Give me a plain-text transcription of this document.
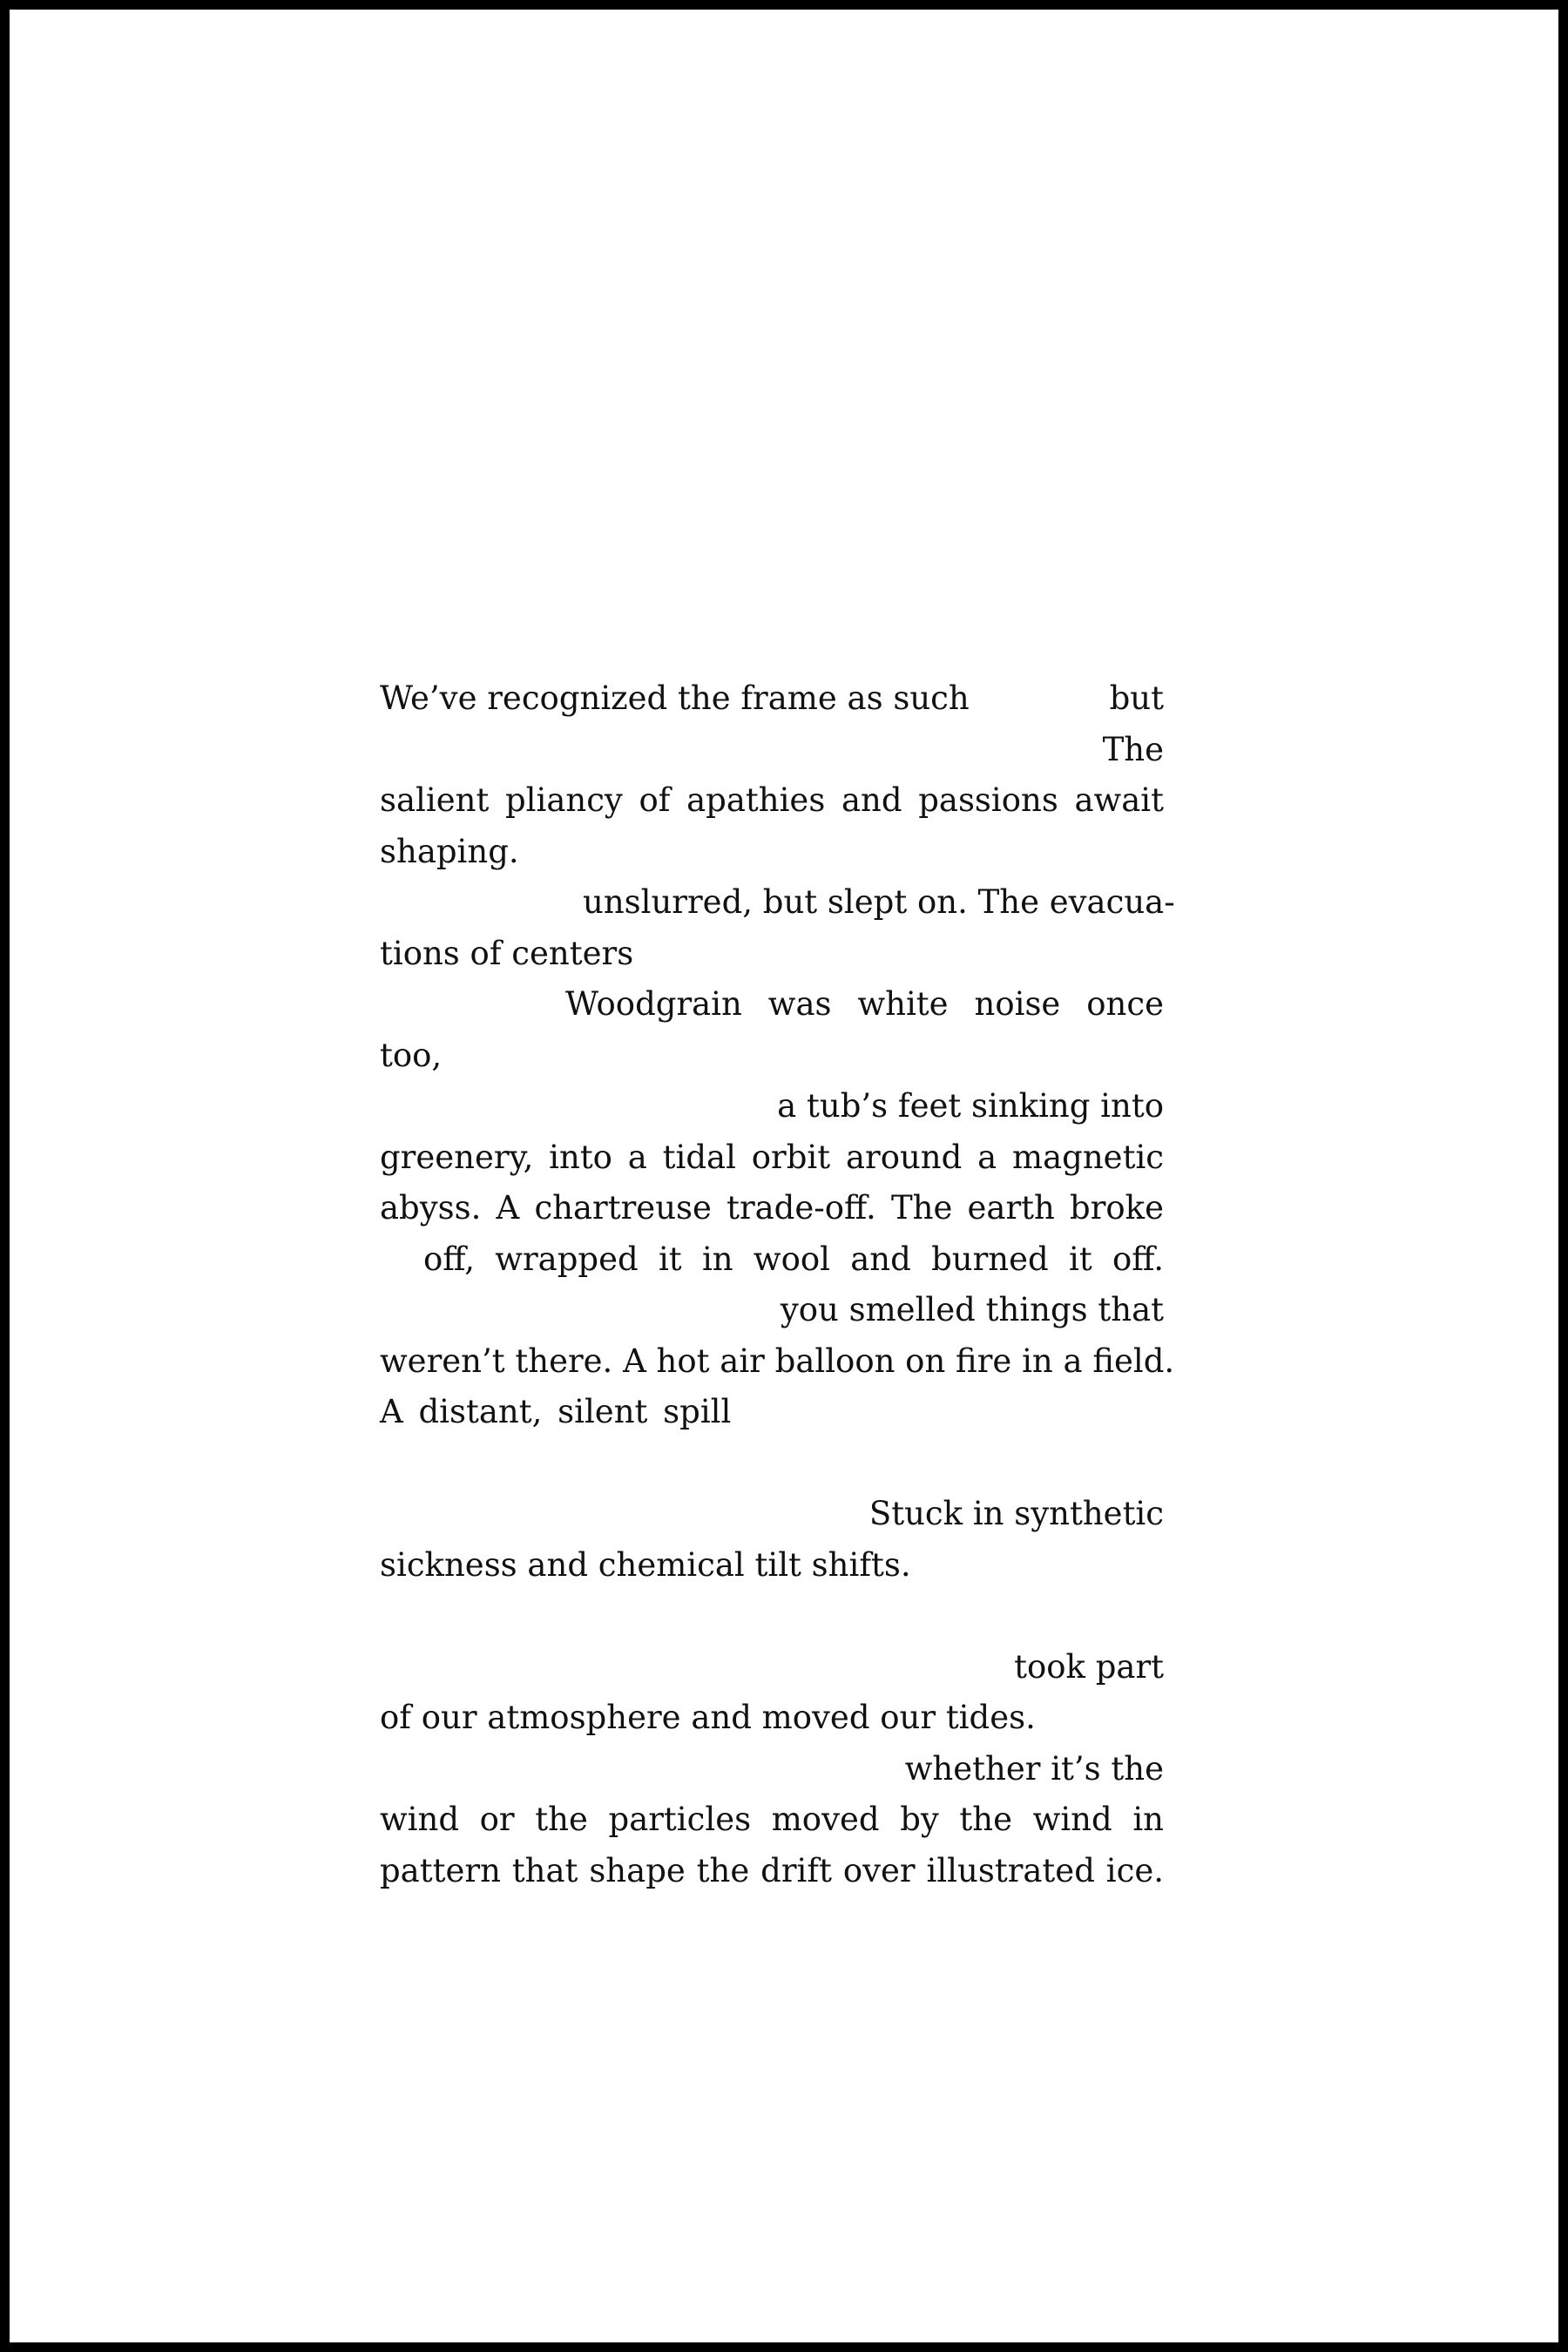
We’ve recognized the frame as such	but
The
salient pliancy of apathies and passions await
shaping.
unslurred, but slept on. The evacua-
tions of centers
Woodgrain was white noise once
too,
a tub’s feet sinking into
greenery, into a tidal orbit around a magnetic
abyss. A chartreuse trade-off. The earth broke
off, wrapped it in wool and burned it off.
you smelled things that
weren’t there. A hot air balloon on fire in a field.
A distant, silent spill
Stuck in synthetic
sickness and chemical tilt shifts.
took part
of our atmosphere and moved our tides.
whether it’s the
wind or the particles moved by the wind in
pattern that shape the drift over illustrated ice.
